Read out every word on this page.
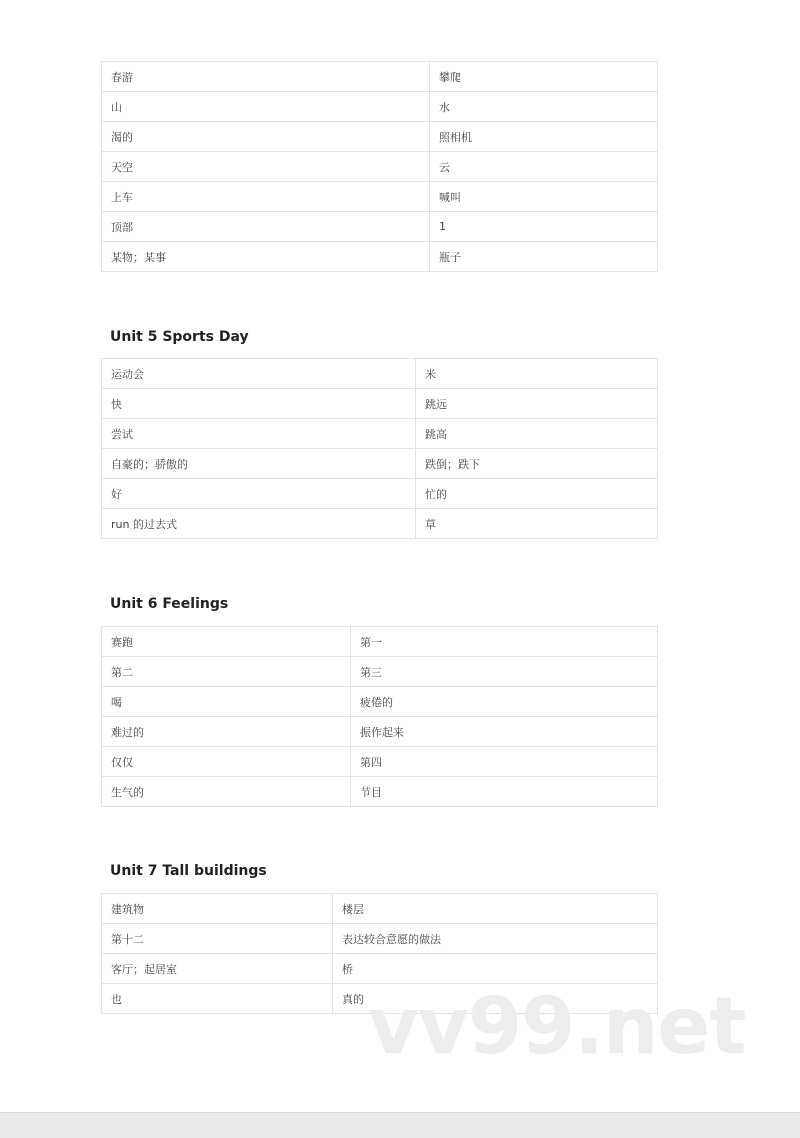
春游	攀爬
山	水
渴的	照相机
天空	云
上车	喊叫
顶部	1
某物；某事	瓶子
Unit 5 Sports Day
运动会	米
快	跳远
尝试	跳高
自豪的；骄傲的	跌倒；跌下
好	忙的
run 的过去式	草
Unit 6 Feelings
赛跑	第一
第二	第三
喝	疲倦的
难过的	振作起来
仅仅	第四
生气的	节目
Unit 7 Tall buildings
建筑物	楼层
第十二	表达较合意愿的做法
客厅；起居室	桥
也	真的 vv99.net
